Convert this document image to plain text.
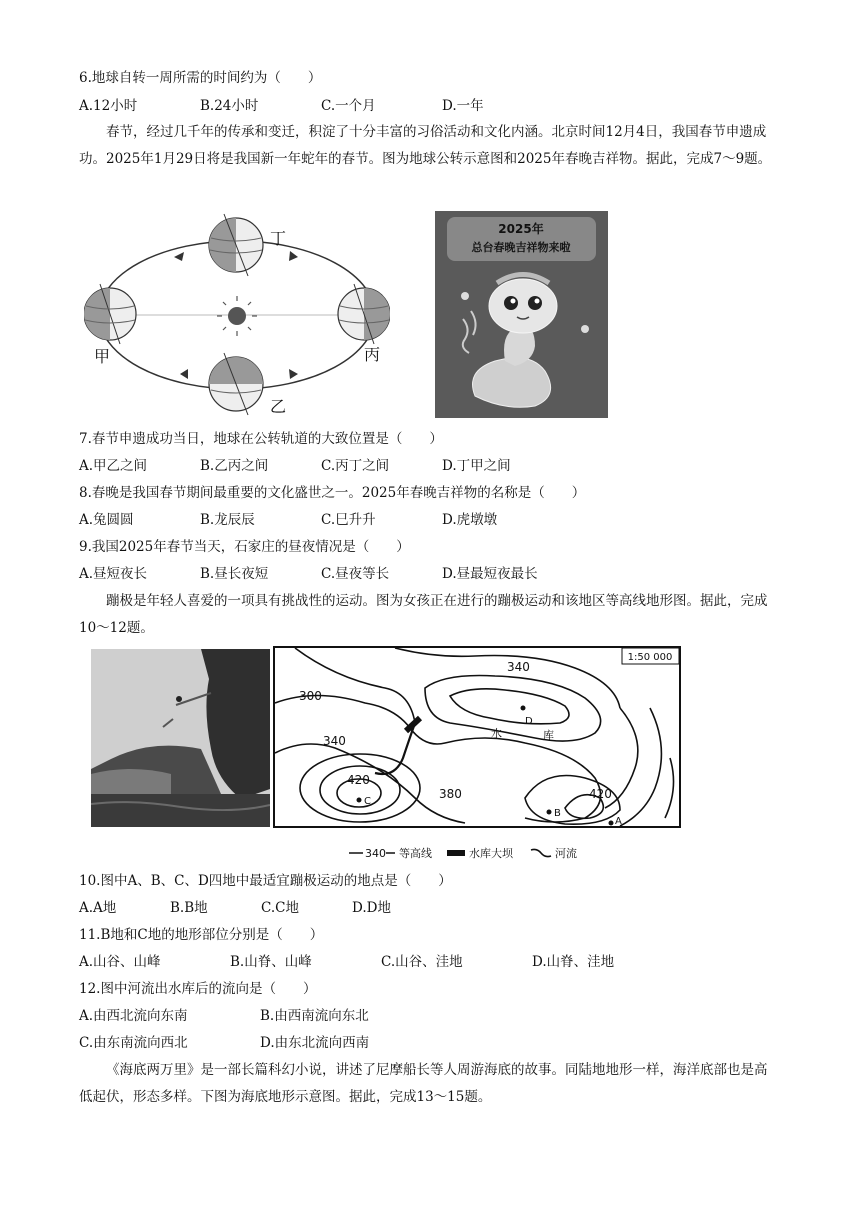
6.地球自转一周所需的时间约为（　　）
A.12小时	B.24小时	C.一个月	D.一年
春节，经过几千年的传承和变迁，积淀了十分丰富的习俗活动和文化内涵。北京时间12月4日，我国春节申遗成功。2025年1月29日将是我国新一年蛇年的春节。图为地球公转示意图和2025年春晚吉祥物。据此，完成7～9题。
丁
甲	丙
乙
2025年
总台春晚吉祥物来啦
7.春节申遗成功当日，地球在公转轨道的大致位置是（　　）
A.甲乙之间	B.乙丙之间	C.丙丁之间	D.丁甲之间
8.春晚是我国春节期间最重要的文化盛世之一。2025年春晚吉祥物的名称是（　　）
A.兔圆圆	B.龙辰辰	C.巳升升	D.虎墩墩
9.我国2025年春节当天，石家庄的昼夜情况是（　　）
A.昼短夜长	B.昼长夜短	C.昼夜等长	D.昼最短夜最长
蹦极是年轻人喜爱的一项具有挑战性的运动。图为女孩正在进行的蹦极运动和该地区等高线地形图。据此，完成10～12题。
1:50 000
340
300
340
420
380	420
D
C
B
A
水	库
340 等高线	水库大坝	河流
10.图中A、B、C、D四地中最适宜蹦极运动的地点是（　　）
A.A地	B.B地	C.C地	D.D地
11.B地和C地的地形部位分别是（　　）
A.山谷、山峰	B.山脊、山峰	C.山谷、洼地	D.山脊、洼地
12.图中河流出水库后的流向是（　　）
A.由西北流向东南	B.由西南流向东北
C.由东南流向西北	D.由东北流向西南
《海底两万里》是一部长篇科幻小说，讲述了尼摩船长等人周游海底的故事。同陆地地形一样，海洋底部也是高低起伏，形态多样。下图为海底地形示意图。据此，完成13～15题。
